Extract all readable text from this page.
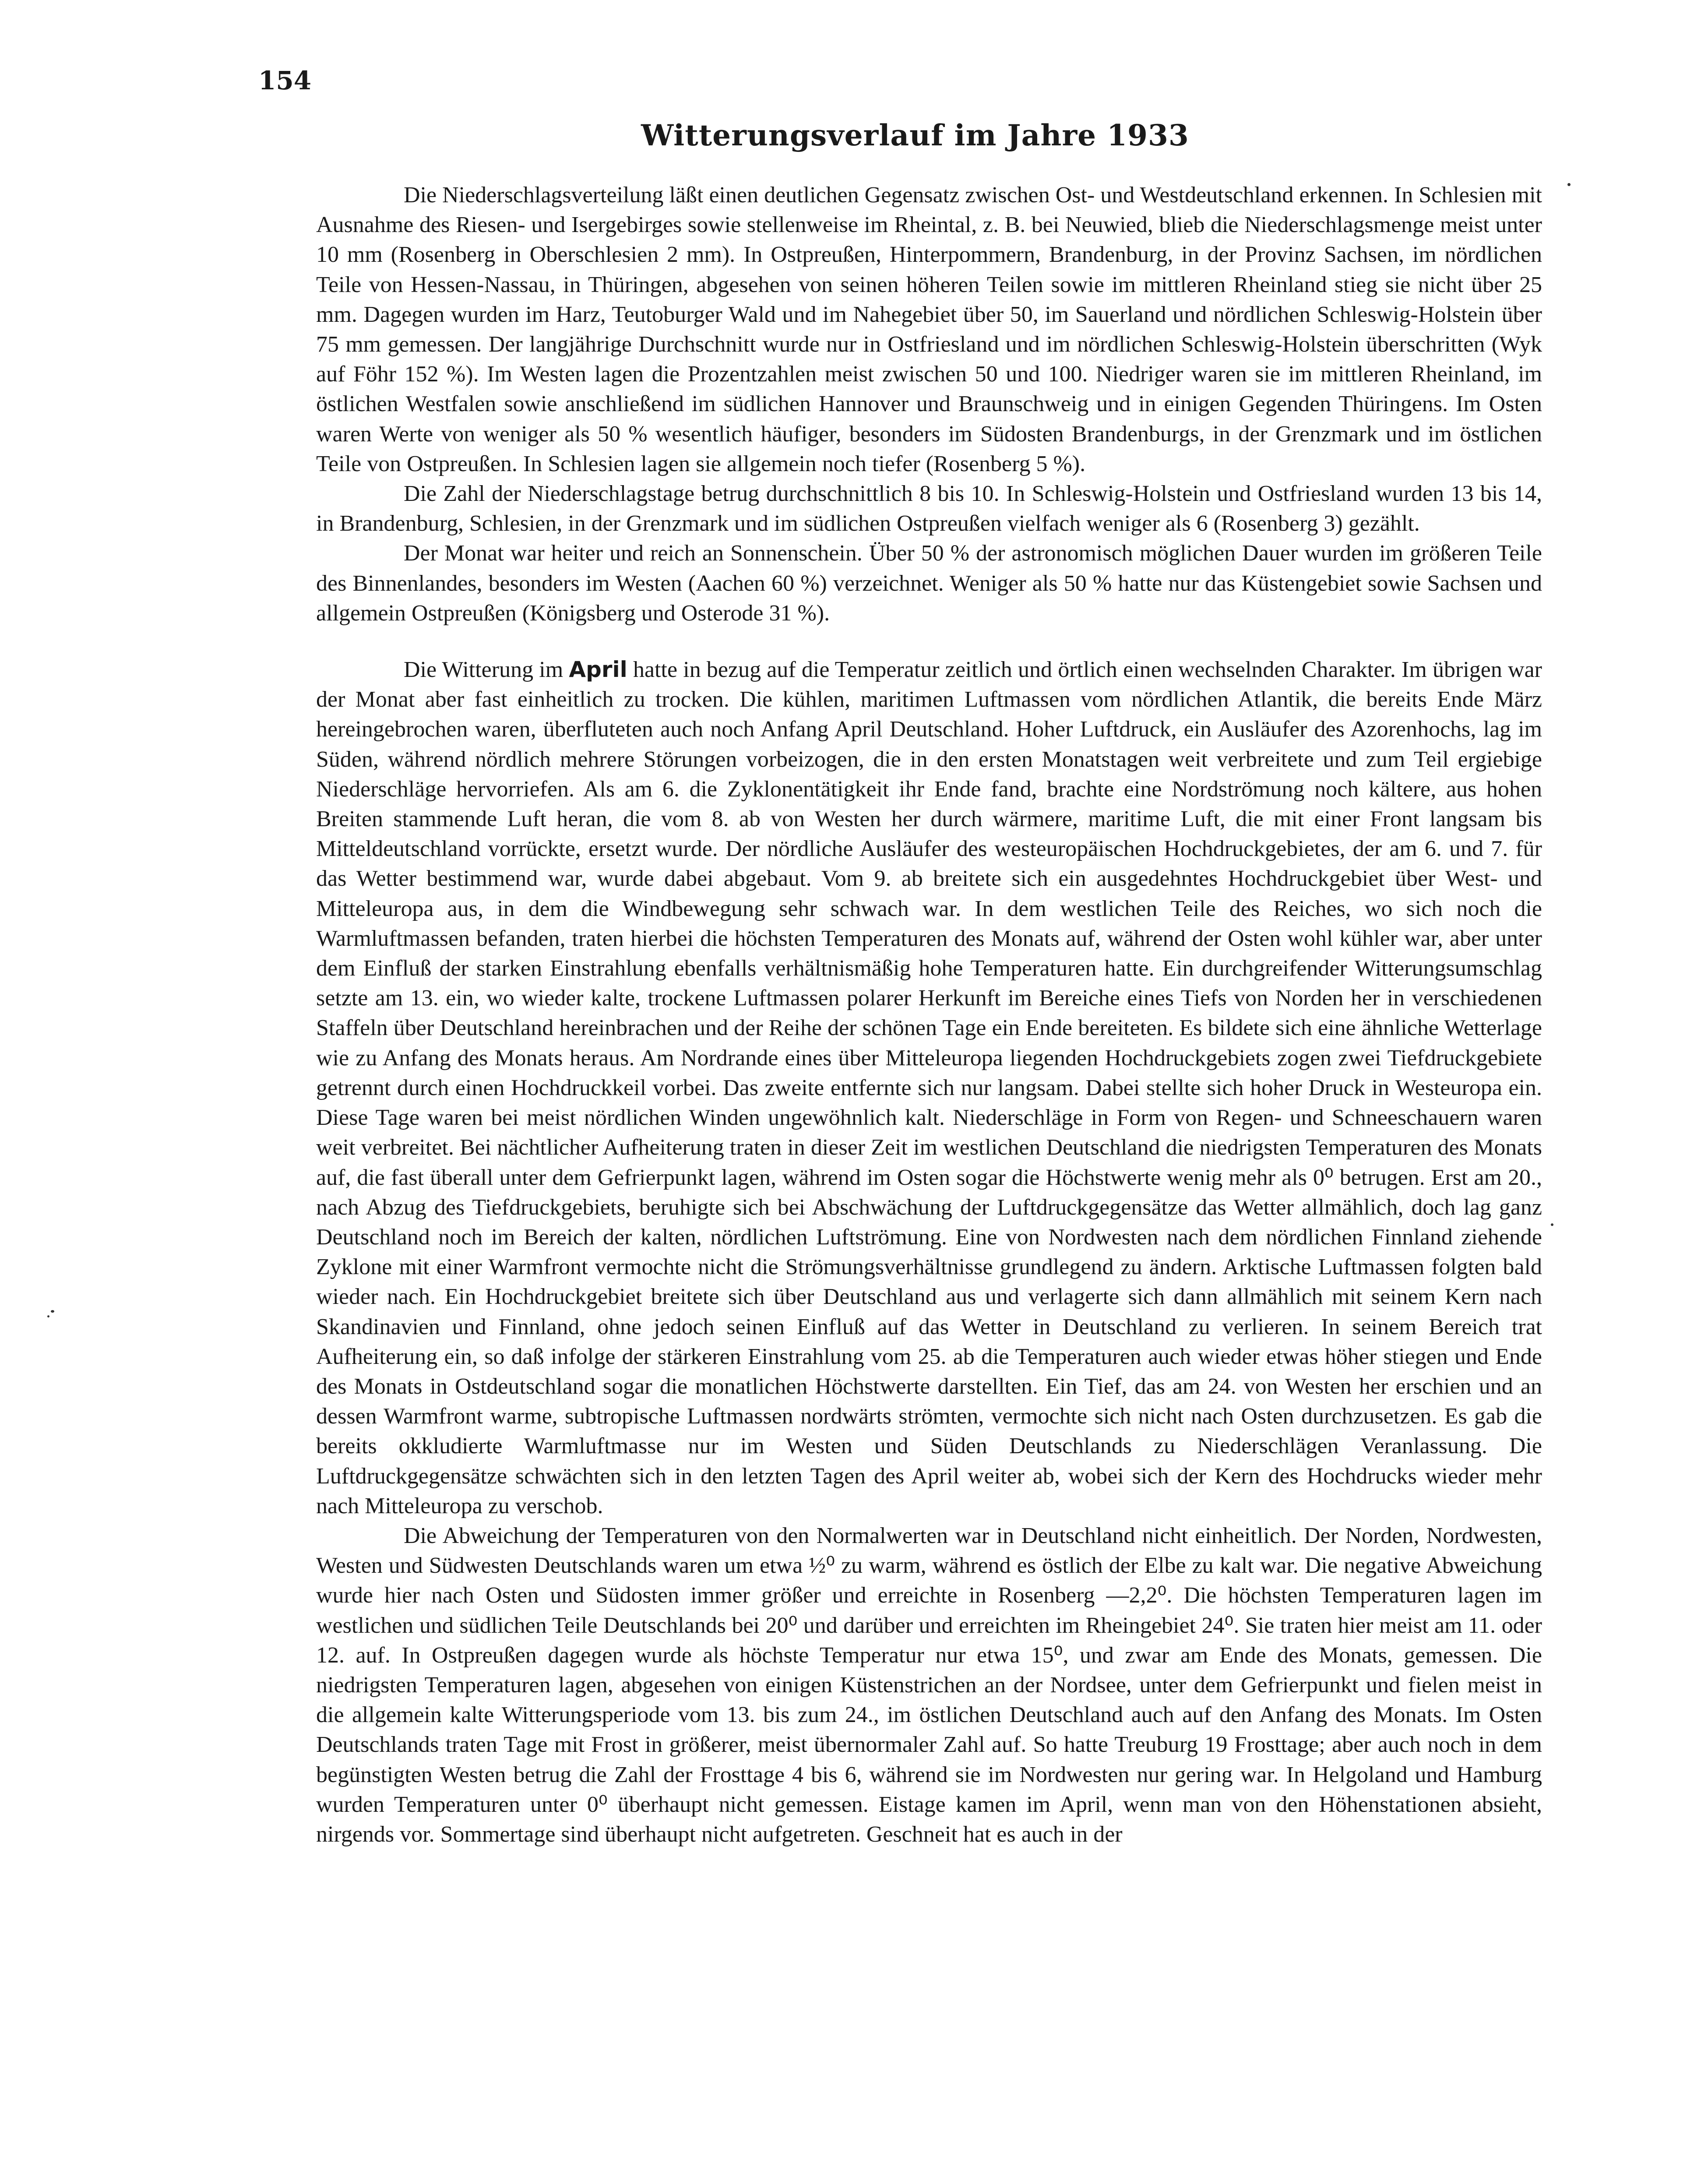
154
Witterungsverlauf im Jahre 1933

Die Niederschlagsverteilung läßt einen deutlichen Gegensatz zwischen Ost- und Westdeutschland erkennen. In Schlesien mit Ausnahme des Riesen- und Isergebirges sowie stellenweise im Rheintal, z. B. bei Neuwied, blieb die Niederschlagsmenge meist unter 10 mm (Rosenberg in Oberschlesien 2 mm). In Ostpreußen, Hinterpommern, Brandenburg, in der Provinz Sachsen, im nördlichen Teile von Hessen-Nassau, in Thüringen, abgesehen von seinen höheren Teilen sowie im mittleren Rheinland stieg sie nicht über 25 mm. Dagegen wurden im Harz, Teutoburger Wald und im Nahegebiet über 50, im Sauerland und nördlichen Schleswig-Holstein über 75 mm gemessen. Der langjährige Durchschnitt wurde nur in Ostfriesland und im nördlichen Schleswig-Holstein überschritten (Wyk auf Föhr 152 %). Im Westen lagen die Prozentzahlen meist zwischen 50 und 100. Niedriger waren sie im mittleren Rheinland, im östlichen Westfalen sowie anschließend im südlichen Hannover und Braunschweig und in einigen Gegenden Thüringens. Im Osten waren Werte von weniger als 50 % wesentlich häufiger, besonders im Südosten Brandenburgs, in der Grenzmark und im östlichen Teile von Ostpreußen. In Schlesien lagen sie allgemein noch tiefer (Rosenberg 5 %).

Die Zahl der Niederschlagstage betrug durchschnittlich 8 bis 10. In Schleswig-Holstein und Ostfriesland wurden 13 bis 14, in Brandenburg, Schlesien, in der Grenzmark und im südlichen Ostpreußen vielfach weniger als 6 (Rosenberg 3) gezählt.

Der Monat war heiter und reich an Sonnenschein. Über 50 % der astronomisch möglichen Dauer wurden im größeren Teile des Binnenlandes, besonders im Westen (Aachen 60 %) verzeichnet. Weniger als 50 % hatte nur das Küstengebiet sowie Sachsen und allgemein Ostpreußen (Königsberg und Osterode 31 %).

Die Witterung im April hatte in bezug auf die Temperatur zeitlich und örtlich einen wechselnden Charakter. Im übrigen war der Monat aber fast einheitlich zu trocken. Die kühlen, maritimen Luftmassen vom nördlichen Atlantik, die bereits Ende März hereingebrochen waren, überfluteten auch noch Anfang April Deutschland. Hoher Luftdruck, ein Ausläufer des Azorenhochs, lag im Süden, während nördlich mehrere Störungen vorbeizogen, die in den ersten Monatstagen weit verbreitete und zum Teil ergiebige Niederschläge hervorriefen. Als am 6. die Zyklonentätigkeit ihr Ende fand, brachte eine Nordströmung noch kältere, aus hohen Breiten stammende Luft heran, die vom 8. ab von Westen her durch wärmere, maritime Luft, die mit einer Front langsam bis Mitteldeutschland vorrückte, ersetzt wurde. Der nördliche Ausläufer des westeuropäischen Hochdruckgebietes, der am 6. und 7. für das Wetter bestimmend war, wurde dabei abgebaut. Vom 9. ab breitete sich ein ausgedehntes Hochdruckgebiet über West- und Mitteleuropa aus, in dem die Windbewegung sehr schwach war. In dem westlichen Teile des Reiches, wo sich noch die Warmluftmassen befanden, traten hierbei die höchsten Temperaturen des Monats auf, während der Osten wohl kühler war, aber unter dem Einfluß der starken Einstrahlung ebenfalls verhältnismäßig hohe Temperaturen hatte. Ein durchgreifender Witterungsumschlag setzte am 13. ein, wo wieder kalte, trockene Luftmassen polarer Herkunft im Bereiche eines Tiefs von Norden her in verschiedenen Staffeln über Deutschland hereinbrachen und der Reihe der schönen Tage ein Ende bereiteten. Es bildete sich eine ähnliche Wetterlage wie zu Anfang des Monats heraus. Am Nordrande eines über Mitteleuropa liegenden Hochdruckgebiets zogen zwei Tiefdruckgebiete getrennt durch einen Hochdruckkeil vorbei. Das zweite entfernte sich nur langsam. Dabei stellte sich hoher Druck in Westeuropa ein. Diese Tage waren bei meist nördlichen Winden ungewöhnlich kalt. Niederschläge in Form von Regen- und Schneeschauern waren weit verbreitet. Bei nächtlicher Aufheiterung traten in dieser Zeit im westlichen Deutschland die niedrigsten Temperaturen des Monats auf, die fast überall unter dem Gefrierpunkt lagen, während im Osten sogar die Höchstwerte wenig mehr als 0⁰ betrugen. Erst am 20., nach Abzug des Tiefdruckgebiets, beruhigte sich bei Abschwächung der Luftdruckgegensätze das Wetter allmählich, doch lag ganz Deutschland noch im Bereich der kalten, nördlichen Luftströmung. Eine von Nordwesten nach dem nördlichen Finnland ziehende Zyklone mit einer Warmfront vermochte nicht die Strömungsverhältnisse grundlegend zu ändern. Arktische Luftmassen folgten bald wieder nach. Ein Hochdruckgebiet breitete sich über Deutschland aus und verlagerte sich dann allmählich mit seinem Kern nach Skandinavien und Finnland, ohne jedoch seinen Einfluß auf das Wetter in Deutschland zu verlieren. In seinem Bereich trat Aufheiterung ein, so daß infolge der stärkeren Einstrahlung vom 25. ab die Temperaturen auch wieder etwas höher stiegen und Ende des Monats in Ostdeutschland sogar die monatlichen Höchstwerte darstellten. Ein Tief, das am 24. von Westen her erschien und an dessen Warmfront warme, subtropische Luftmassen nordwärts strömten, vermochte sich nicht nach Osten durchzusetzen. Es gab die bereits okkludierte Warmluftmasse nur im Westen und Süden Deutschlands zu Niederschlägen Veranlassung. Die Luftdruckgegensätze schwächten sich in den letzten Tagen des April weiter ab, wobei sich der Kern des Hochdrucks wieder mehr nach Mitteleuropa zu verschob.

Die Abweichung der Temperaturen von den Normalwerten war in Deutschland nicht einheitlich. Der Norden, Nordwesten, Westen und Südwesten Deutschlands waren um etwa ½⁰ zu warm, während es östlich der Elbe zu kalt war. Die negative Abweichung wurde hier nach Osten und Südosten immer größer und erreichte in Rosenberg —2,2⁰. Die höchsten Temperaturen lagen im westlichen und südlichen Teile Deutschlands bei 20⁰ und darüber und erreichten im Rheingebiet 24⁰. Sie traten hier meist am 11. oder 12. auf. In Ostpreußen dagegen wurde als höchste Temperatur nur etwa 15⁰, und zwar am Ende des Monats, gemessen. Die niedrigsten Temperaturen lagen, abgesehen von einigen Küstenstrichen an der Nordsee, unter dem Gefrierpunkt und fielen meist in die allgemein kalte Witterungsperiode vom 13. bis zum 24., im östlichen Deutschland auch auf den Anfang des Monats. Im Osten Deutschlands traten Tage mit Frost in größerer, meist übernormaler Zahl auf. So hatte Treuburg 19 Frosttage; aber auch noch in dem begünstigten Westen betrug die Zahl der Frosttage 4 bis 6, während sie im Nordwesten nur gering war. In Helgoland und Hamburg wurden Temperaturen unter 0⁰ überhaupt nicht gemessen. Eistage kamen im April, wenn man von den Höhenstationen absieht, nirgends vor. Sommertage sind überhaupt nicht aufgetreten. Geschneit hat es auch in der
